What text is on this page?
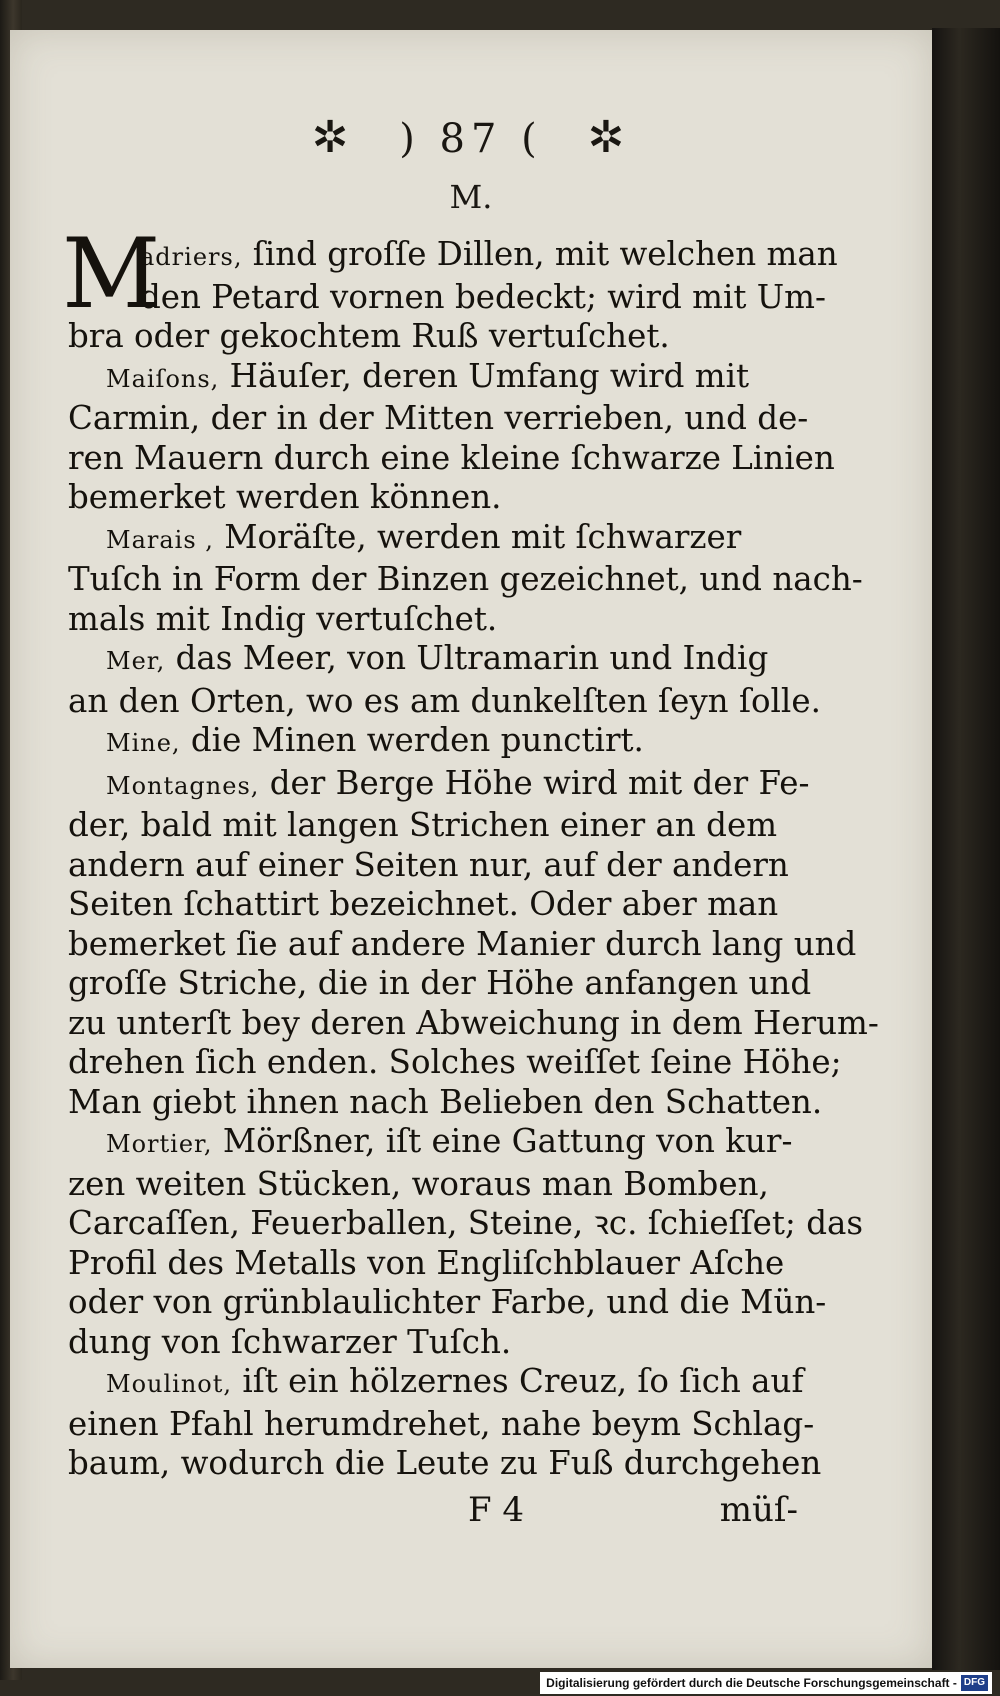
✲ ) 87 ( ✲
M.
M

adriers, ſind groſſe Dillen, mit welchen man

den Petard vornen bedeckt; wird mit Um-

bra oder gekochtem Ruß vertuſchet.

Maiſons, Häuſer, deren Umfang wird mit

Carmin, der in der Mitten verrieben, und de-

ren Mauern durch eine kleine ſchwarze Linien

bemerket werden können.

Marais , Moräſte, werden mit ſchwarzer

Tuſch in Form der Binzen gezeichnet, und nach-

mals mit Indig vertuſchet.

Mer, das Meer, von Ultramarin und Indig

an den Orten, wo es am dunkelſten ſeyn ſolle.

Mine, die Minen werden punctirt.

Montagnes, der Berge Höhe wird mit der Fe-

der, bald mit langen Strichen einer an dem

andern auf einer Seiten nur, auf der andern

Seiten ſchattirt bezeichnet. Oder aber man

bemerket ſie auf andere Manier durch lang und

groſſe Striche, die in der Höhe anfangen und

zu unterſt bey deren Abweichung in dem Herum-

drehen ſich enden. Solches weiſſet ſeine Höhe;

Man giebt ihnen nach Belieben den Schatten.

Mortier, Mörßner, iſt eine Gattung von kur-

zen weiten Stücken, woraus man Bomben,

Carcaſſen, Feuerballen, Steine, ꝛc. ſchieſſet; das

Profil des Metalls von Engliſchblauer Aſche

oder von grünblaulichter Farbe, und die Mün-

dung von ſchwarzer Tuſch.

Moulinot, iſt ein hölzernes Creuz, ſo ſich auf

einen Pfahl herumdrehet, nahe beym Schlag-

baum, wodurch die Leute zu Fuß durchgehen

F 4	müſ-
Digitalisierung gefördert durch die Deutsche Forschungsgemeinschaft - DFG
